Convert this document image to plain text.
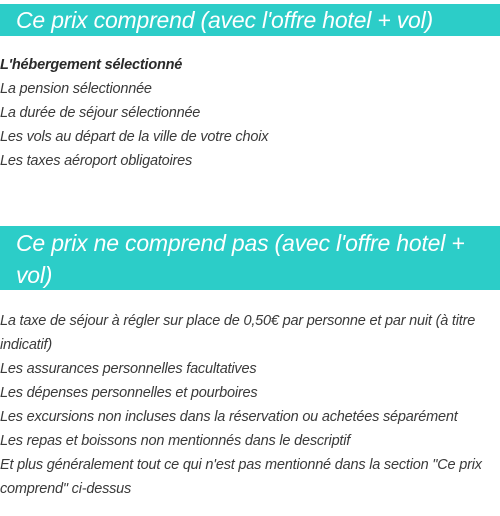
Ce prix comprend (avec l'offre hotel + vol)
L'hébergement sélectionné
La pension sélectionnée
La durée de séjour sélectionnée
Les vols au départ de la ville de votre choix
Les taxes aéroport obligatoires
Ce prix ne comprend pas (avec l'offre hotel + vol)
La taxe de séjour à régler sur place de 0,50€ par personne et par nuit (à titre indicatif)
Les assurances personnelles facultatives
Les dépenses personnelles et pourboires
Les excursions non incluses dans la réservation ou achetées séparément
Les repas et boissons non mentionnés dans le descriptif
Et plus généralement tout ce qui n'est pas mentionné dans la section "Ce prix comprend" ci-dessus
